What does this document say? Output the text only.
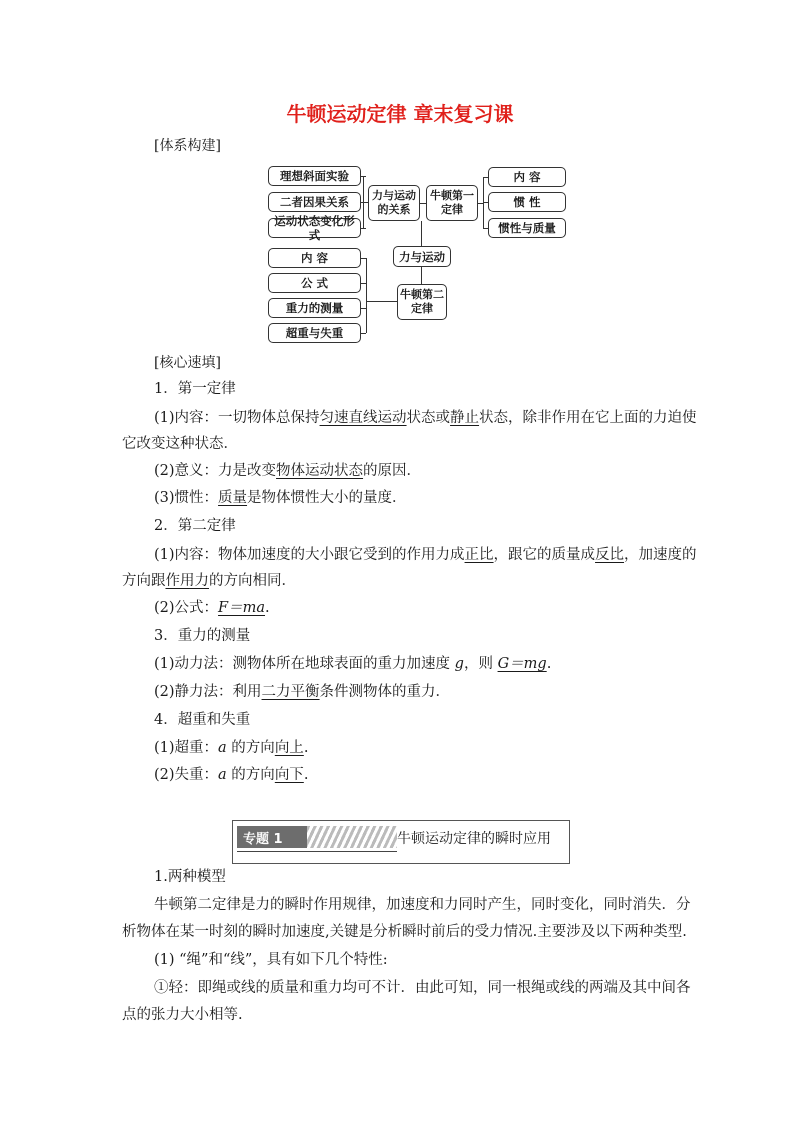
牛顿运动定律 章末复习课
[体系构建]
理想斜面实验
二者因果关系
运动状态变化形式
力与运动的关系
牛顿第一定律
内 容
惯 性
惯性与质量
力与运动
牛顿第二定律
内 容
公 式
重力的测量
超重与失重
[核心速填]
1．第一定律
(1)内容：一切物体总保持匀速直线运动状态或静止状态，除非作用在它上面的力迫使
它改变这种状态．
(2)意义：力是改变物体运动状态的原因．
(3)惯性：质量是物体惯性大小的量度．
2．第二定律
(1)内容：物体加速度的大小跟它受到的作用力成正比，跟它的质量成反比，加速度的
方向跟作用力的方向相同．
(2)公式：F＝ma.
3．重力的测量
(1)动力法：测物体所在地球表面的重力加速度 g，则 G＝mg.
(2)静力法：利用二力平衡条件测物体的重力．
4．超重和失重
(1)超重：a 的方向向上.
(2)失重：a 的方向向下.
专题 1	牛顿运动定律的瞬时应用
1.两种模型
牛顿第二定律是力的瞬时作用规律，加速度和力同时产生，同时变化，同时消失．分
析物体在某一时刻的瞬时加速度,关键是分析瞬时前后的受力情况.主要涉及以下两种类型.
(1) “绳”和“线”，具有如下几个特性:
①轻：即绳或线的质量和重力均可不计．由此可知，同一根绳或线的两端及其中间各
点的张力大小相等.
